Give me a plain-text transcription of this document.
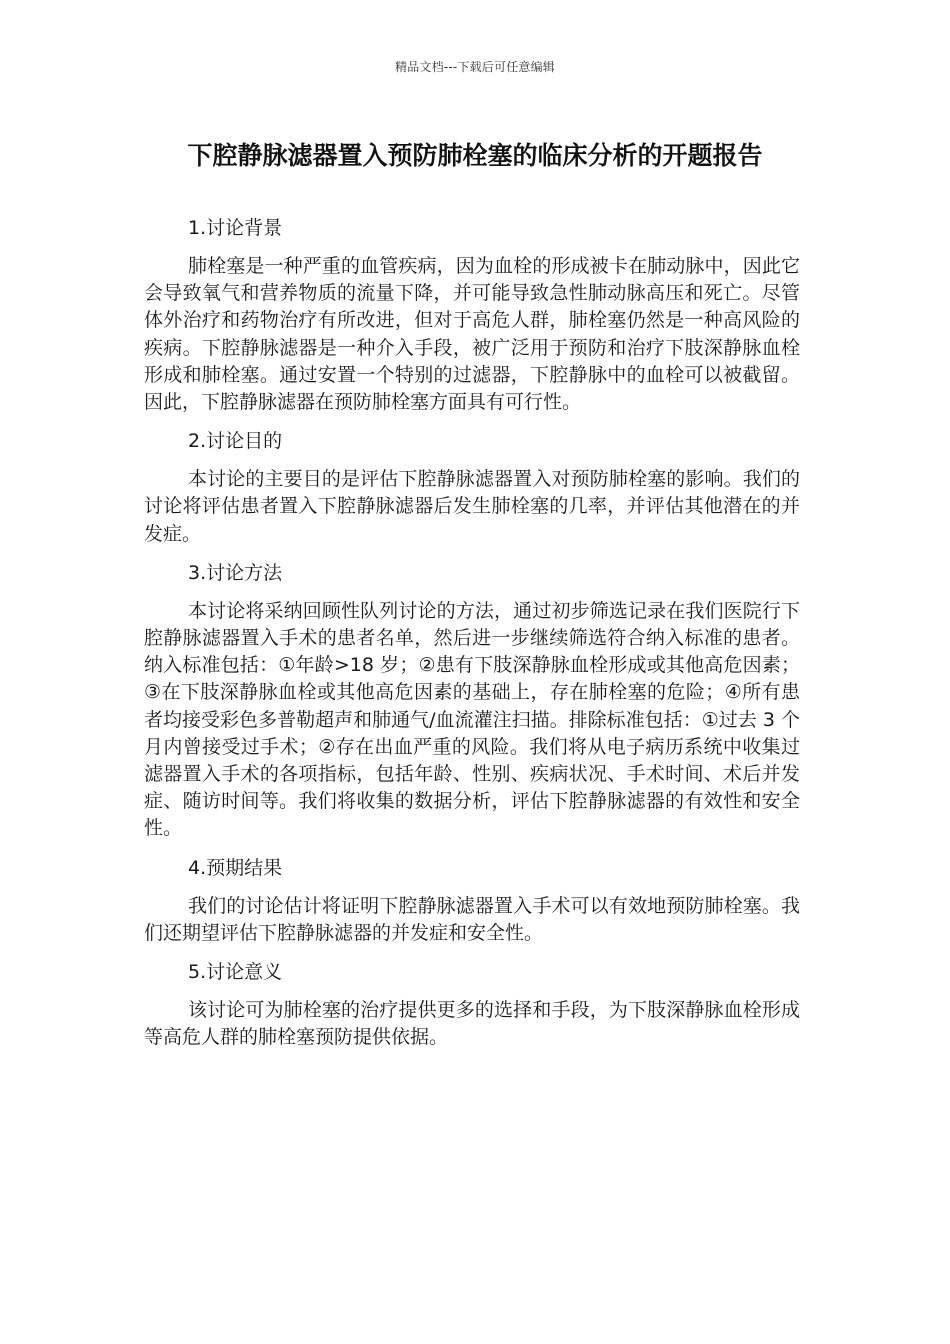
精品文档---下载后可任意编辑
下腔静脉滤器置入预防肺栓塞的临床分析的开题报告
1.讨论背景

肺栓塞是一种严重的血管疾病，因为血栓的形成被卡在肺动脉中，因此它会导致氧气和营养物质的流量下降，并可能导致急性肺动脉高压和死亡。尽管体外治疗和药物治疗有所改进，但对于高危人群，肺栓塞仍然是一种高风险的疾病。下腔静脉滤器是一种介入手段，被广泛用于预防和治疗下肢深静脉血栓形成和肺栓塞。通过安置一个特别的过滤器，下腔静脉中的血栓可以被截留。因此，下腔静脉滤器在预防肺栓塞方面具有可行性。

2.讨论目的

本讨论的主要目的是评估下腔静脉滤器置入对预防肺栓塞的影响。我们的讨论将评估患者置入下腔静脉滤器后发生肺栓塞的几率，并评估其他潜在的并发症。

3.讨论方法

本讨论将采纳回顾性队列讨论的方法，通过初步筛选记录在我们医院行下腔静脉滤器置入手术的患者名单，然后进一步继续筛选符合纳入标准的患者。纳入标准包括：①年龄>18 岁；②患有下肢深静脉血栓形成或其他高危因素；③在下肢深静脉血栓或其他高危因素的基础上，存在肺栓塞的危险；④所有患者均接受彩色多普勒超声和肺通气/血流灌注扫描。排除标准包括：①过去 3 个月内曾接受过手术；②存在出血严重的风险。我们将从电子病历系统中收集过滤器置入手术的各项指标，包括年龄、性别、疾病状况、手术时间、术后并发症、随访时间等。我们将收集的数据分析，评估下腔静脉滤器的有效性和安全性。

4.预期结果

我们的讨论估计将证明下腔静脉滤器置入手术可以有效地预防肺栓塞。我们还期望评估下腔静脉滤器的并发症和安全性。

5.讨论意义

该讨论可为肺栓塞的治疗提供更多的选择和手段，为下肢深静脉血栓形成等高危人群的肺栓塞预防提供依据。
